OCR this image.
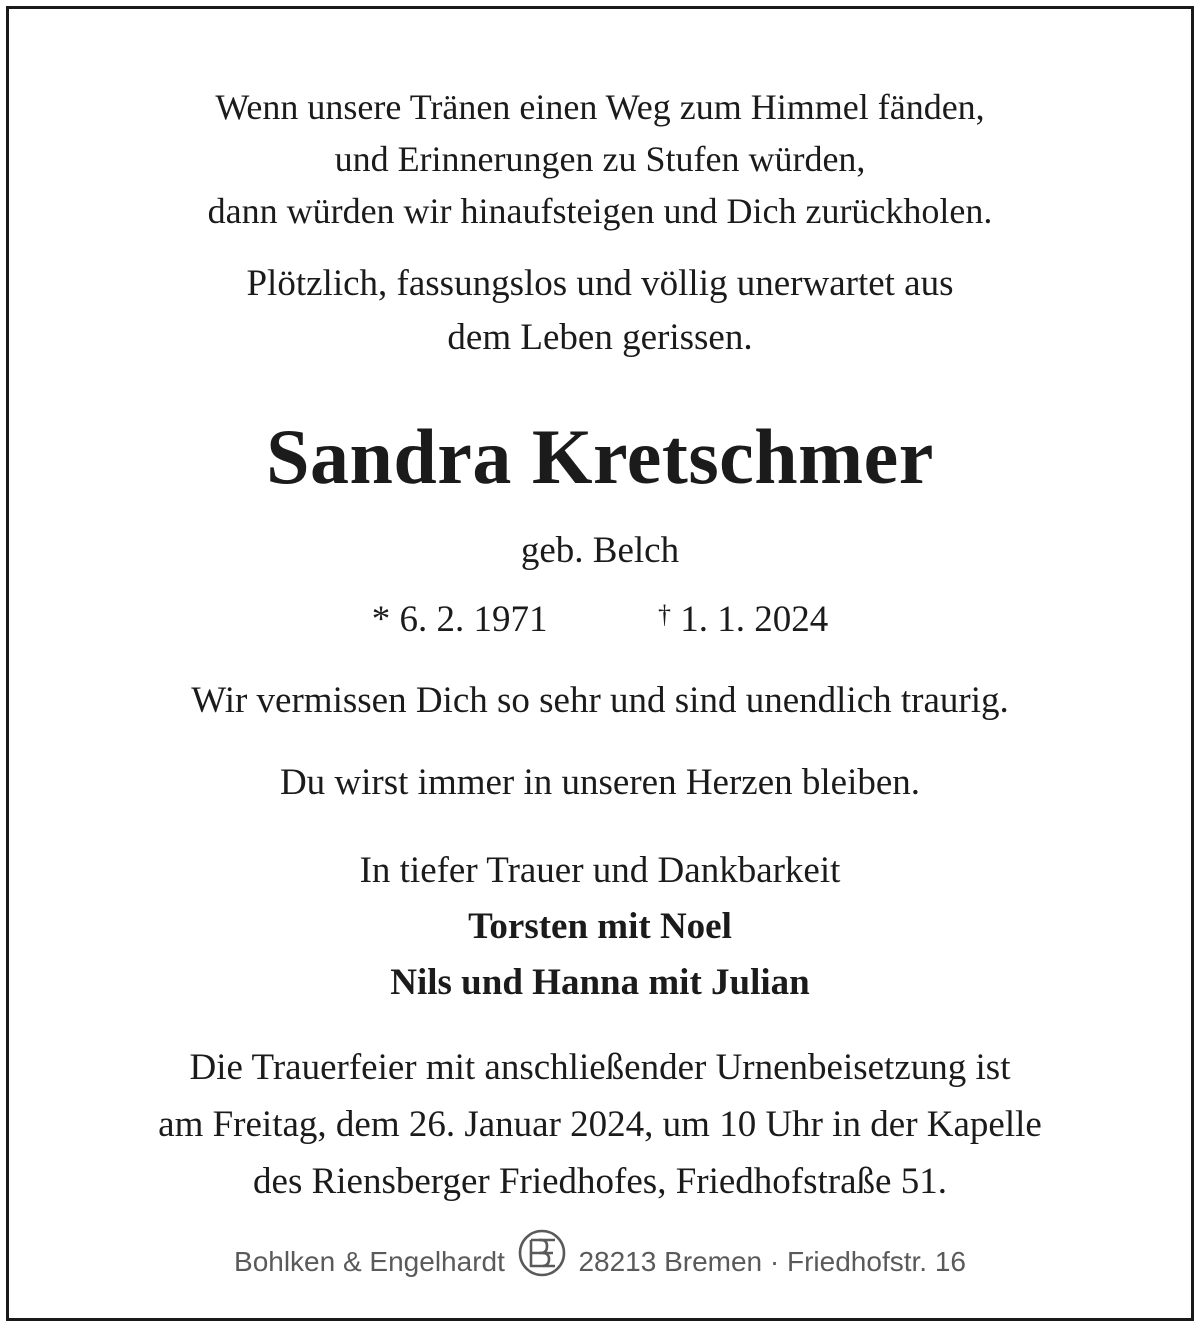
Wenn unsere Tränen einen Weg zum Himmel fänden,
und Erinnerungen zu Stufen würden,
dann würden wir hinaufsteigen und Dich zurückholen.
Plötzlich, fassungslos und völlig unerwartet aus
dem Leben gerissen.
Sandra Kretschmer
geb. Belch
* 6. 2. 1971	† 1. 1. 2024
Wir vermissen Dich so sehr und sind unendlich traurig.
Du wirst immer in unseren Herzen bleiben.
In tiefer Trauer und Dankbarkeit
Torsten mit Noel
Nils und Hanna mit Julian
Die Trauerfeier mit anschließender Urnenbeisetzung ist
am Freitag, dem 26. Januar 2024, um 10 Uhr in der Kapelle
des Riensberger Friedhofes, Friedhofstraße 51.
Bohlken & Engelhardt	28213 Bremen · Friedhofstr. 16
